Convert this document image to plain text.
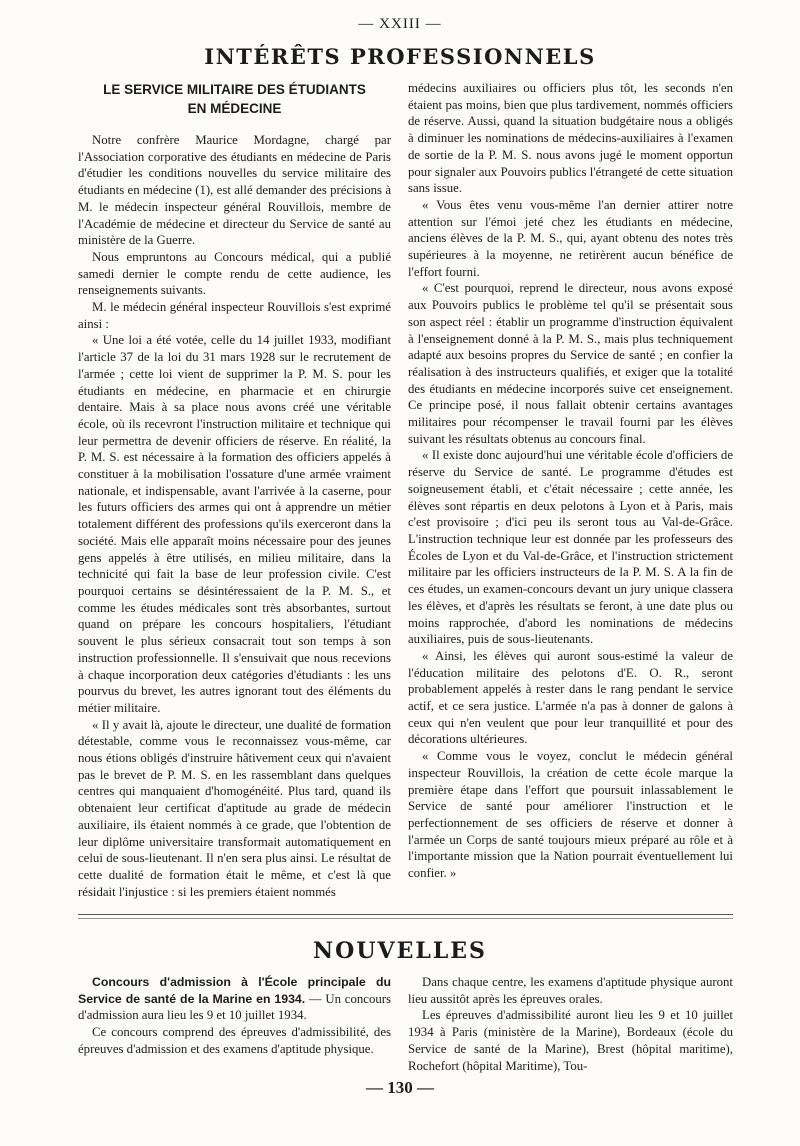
— XXIII —
INTÉRÊTS PROFESSIONNELS
LE SERVICE MILITAIRE DES ÉTUDIANTS
EN MÉDECINE

Notre confrère Maurice Mordagne, chargé par l'Association corporative des étudiants en médecine de Paris d'étudier les conditions nouvelles du service militaire des étudiants en médecine (1), est allé demander des précisions à M. le médecin inspecteur général Rouvillois, membre de l'Académie de médecine et directeur du Service de santé au ministère de la Guerre.

Nous empruntons au Concours médical, qui a publié samedi dernier le compte rendu de cette audience, les renseignements suivants.

M. le médecin général inspecteur Rouvillois s'est exprimé ainsi :

« Une loi a été votée, celle du 14 juillet 1933, modifiant l'article 37 de la loi du 31 mars 1928 sur le recrutement de l'armée ; cette loi vient de supprimer la P. M. S. pour les étudiants en médecine, en pharmacie et en chirurgie dentaire. Mais à sa place nous avons créé une véritable école, où ils recevront l'instruction militaire et technique qui leur permettra de devenir officiers de réserve. En réalité, la P. M. S. est nécessaire à la formation des officiers appelés à constituer à la mobilisation l'ossature d'une armée vraiment nationale, et indispensable, avant l'arrivée à la caserne, pour les futurs officiers des armes qui ont à apprendre un métier totalement différent des professions qu'ils exerceront dans la société. Mais elle apparaît moins nécessaire pour des jeunes gens appelés à être utilisés, en milieu militaire, dans la technicité qui fait la base de leur profession civile. C'est pourquoi certains se désintéressaient de la P. M. S., et comme les études médicales sont très absorbantes, surtout quand on prépare les concours hospitaliers, l'étudiant souvent le plus sérieux consacrait tout son temps à son instruction professionnelle. Il s'ensuivait que nous recevions à chaque incorporation deux catégories d'étudiants : les uns pourvus du brevet, les autres ignorant tout des éléments du métier militaire.

« Il y avait là, ajoute le directeur, une dualité de formation détestable, comme vous le reconnaissez vous-même, car nous étions obligés d'instruire hâtivement ceux qui n'avaient pas le brevet de P. M. S. en les rassemblant dans quelques centres qui manquaient d'homogénéité. Plus tard, quand ils obtenaient leur certificat d'aptitude au grade de médecin auxiliaire, ils étaient nommés à ce grade, que l'obtention de leur diplôme universitaire transformait automatiquement en celui de sous-lieutenant. Il n'en sera plus ainsi. Le résultat de cette dualité de formation était le même, et c'est là que résidait l'injustice : si les premiers étaient nommés

médecins auxiliaires ou officiers plus tôt, les seconds n'en étaient pas moins, bien que plus tardivement, nommés officiers de réserve. Aussi, quand la situation budgétaire nous a obligés à diminuer les nominations de médecins-auxiliaires à l'examen de sortie de la P. M. S. nous avons jugé le moment opportun pour signaler aux Pouvoirs publics l'étrangeté de cette situation sans issue.

« Vous êtes venu vous-même l'an dernier attirer notre attention sur l'émoi jeté chez les étudiants en médecine, anciens élèves de la P. M. S., qui, ayant obtenu des notes très supérieures à la moyenne, ne retirèrent aucun bénéfice de l'effort fourni.

« C'est pourquoi, reprend le directeur, nous avons exposé aux Pouvoirs publics le problème tel qu'il se présentait sous son aspect réel : établir un programme d'instruction équivalent à l'enseignement donné à la P. M. S., mais plus techniquement adapté aux besoins propres du Service de santé ; en confier la réalisation à des instructeurs qualifiés, et exiger que la totalité des étudiants en médecine incorporés suive cet enseignement. Ce principe posé, il nous fallait obtenir certains avantages militaires pour récompenser le travail fourni par les élèves suivant les résultats obtenus au concours final.

« Il existe donc aujourd'hui une véritable école d'officiers de réserve du Service de santé. Le programme d'études est soigneusement établi, et c'était nécessaire ; cette année, les élèves sont répartis en deux pelotons à Lyon et à Paris, mais c'est provisoire ; d'ici peu ils seront tous au Val-de-Grâce. L'instruction technique leur est donnée par les professeurs des Écoles de Lyon et du Val-de-Grâce, et l'instruction strictement militaire par les officiers instructeurs de la P. M. S. A la fin de ces études, un examen-concours devant un jury unique classera les élèves, et d'après les résultats se feront, à une date plus ou moins rapprochée, d'abord les nominations de médecins auxiliaires, puis de sous-lieutenants.

« Ainsi, les élèves qui auront sous-estimé la valeur de l'éducation militaire des pelotons d'E. O. R., seront probablement appelés à rester dans le rang pendant le service actif, et ce sera justice. L'armée n'a pas à donner de galons à ceux qui n'en veulent que pour leur tranquillité et pour des décorations ultérieures.

« Comme vous le voyez, conclut le médecin général inspecteur Rouvillois, la création de cette école marque la première étape dans l'effort que poursuit inlassablement le Service de santé pour améliorer l'instruction et le perfectionnement de ses officiers de réserve et donner à l'armée un Corps de santé toujours mieux préparé au rôle et à l'importante mission que la Nation pourrait éventuellement lui confier. »

NOUVELLES

Concours d'admission à l'École principale du Service de santé de la Marine en 1934. — Un concours d'admission aura lieu les 9 et 10 juillet 1934.

Ce concours comprend des épreuves d'admissibilité, des épreuves d'admission et des examens d'aptitude physique.

Dans chaque centre, les examens d'aptitude physique auront lieu aussitôt après les épreuves orales.

Les épreuves d'admissibilité auront lieu les 9 et 10 juillet 1934 à Paris (ministère de la Marine), Bordeaux (école du Service de santé de la Marine), Brest (hôpital maritime), Rochefort (hôpital Maritime), Tou-

— 130 —
